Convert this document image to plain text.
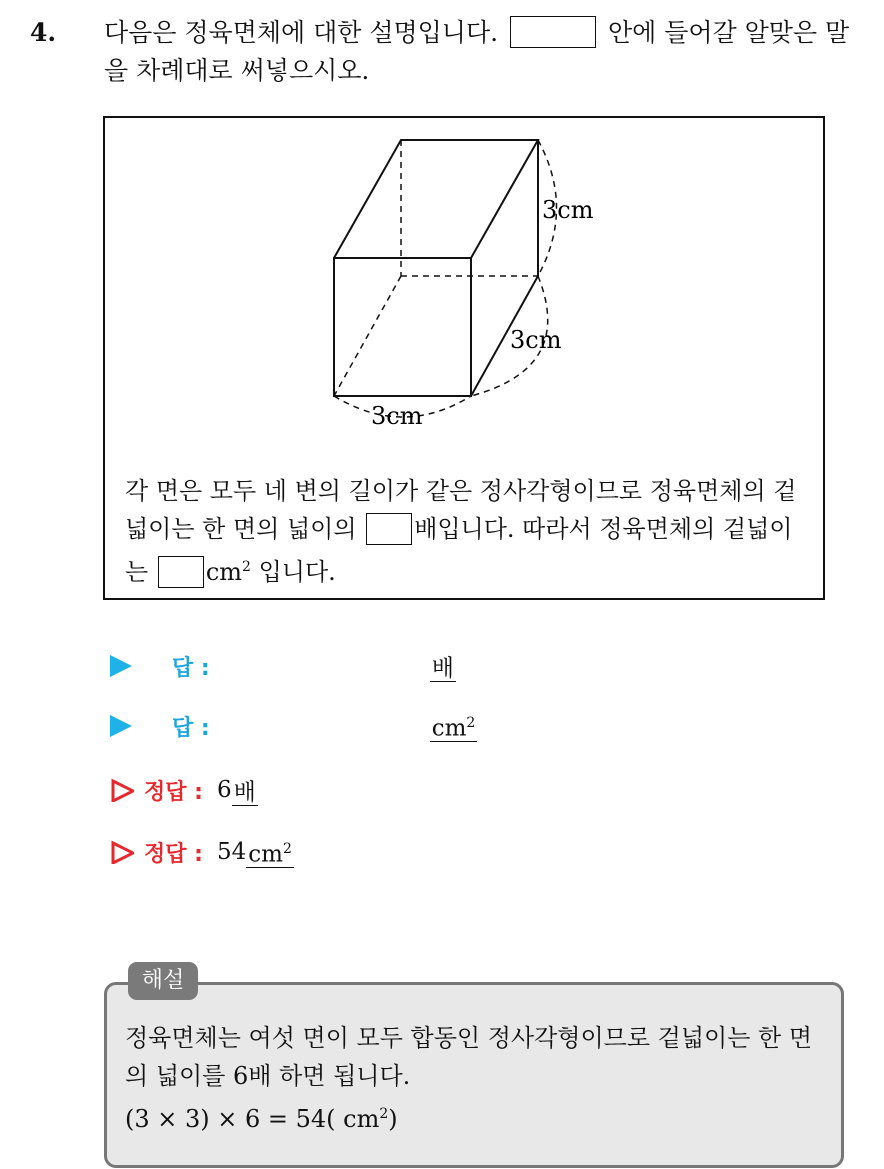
4. 다음은 정육면체에 대한 설명입니다.	안에 들어갈 알맞은 말을 차례대로 써넣으시오.
3cm
3cm
3cm
각 면은 모두 네 변의 길이가 같은 정사각형이므로 정육면체의 겉넓이는 한 면의 넓이의 배입니다. 따라서 정육면체의 겉넓이는 $cm^2$ 입니다.
답 :	배
답 :	$cm^2$
정답 : 6 배
정답 : 54 $cm^2$
해설
정육면체는 여섯 면이 모두 합동인 정사각형이므로 겉넓이는 한 면의 넓이를 6배 하면 됩니다.
(3 × 3) × 6 = 54( $cm^2$)
